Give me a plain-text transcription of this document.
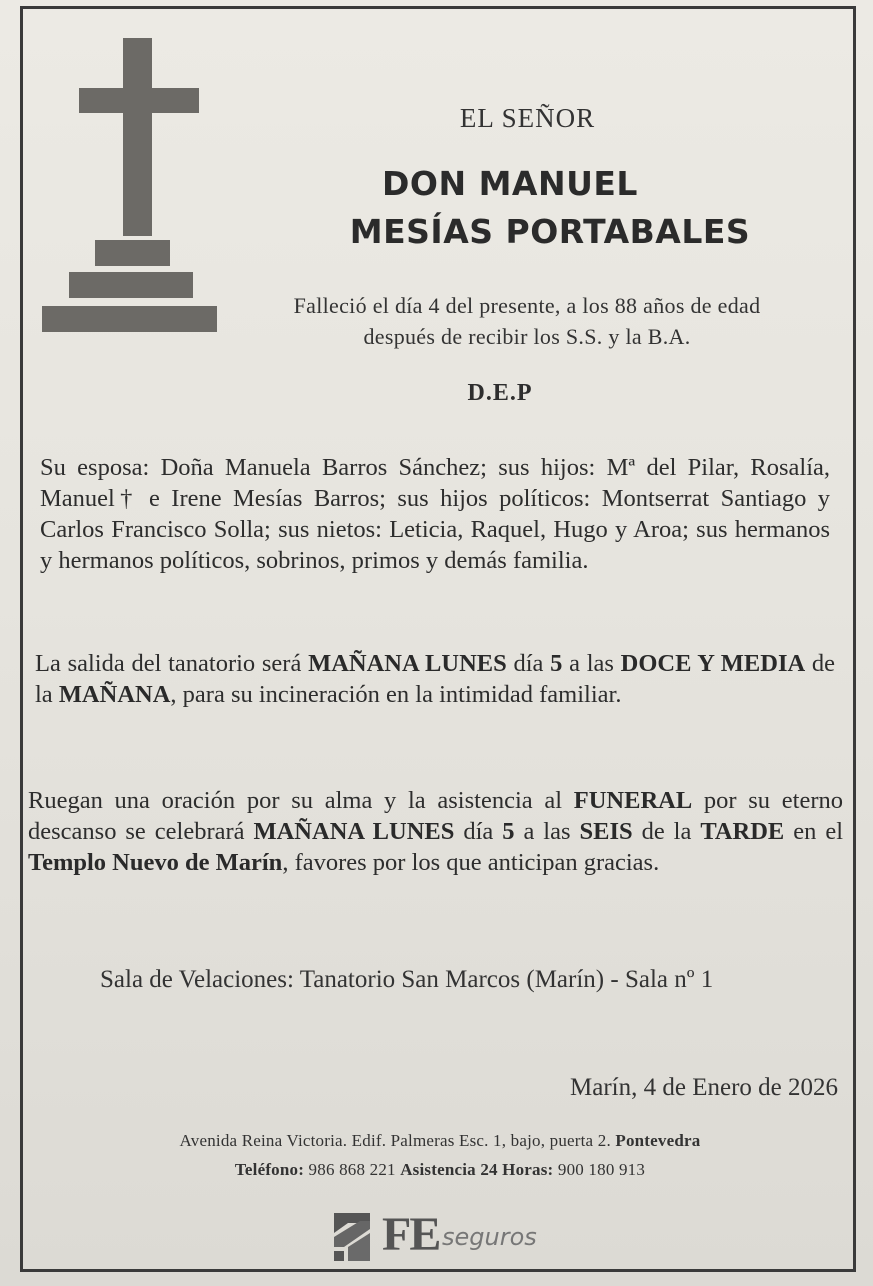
EL SEÑOR
DON MANUEL
MESÍAS PORTABALES
Falleció el día 4 del presente, a los 88 años de edad
después de recibir los S.S. y la B.A.
D.E.P
Su esposa: Doña Manuela Barros Sánchez; sus hijos: Mª del Pilar, Rosalía, Manuel† e Irene Mesías Barros; sus hijos políticos: Montserrat Santiago y Carlos Francisco Solla; sus nietos: Leticia, Raquel, Hugo y Aroa; sus hermanos y hermanos políticos, sobrinos, primos y demás familia.
La salida del tanatorio será MAÑANA LUNES día 5 a las DOCE Y MEDIA de la MAÑANA, para su incineración en la intimidad familiar.
Ruegan una oración por su alma y la asistencia al FUNERAL por su eterno descanso se celebrará MAÑANA LUNES día 5 a las SEIS de la TARDE en el Templo Nuevo de Marín, favores por los que anticipan gracias.
Sala de Velaciones: Tanatorio San Marcos (Marín) - Sala nº 1
Marín, 4 de Enero de 2026
Avenida Reina Victoria. Edif. Palmeras Esc. 1, bajo, puerta 2. Pontevedra
Teléfono: 986 868 221 Asistencia 24 Horas: 900 180 913
FE seguros
